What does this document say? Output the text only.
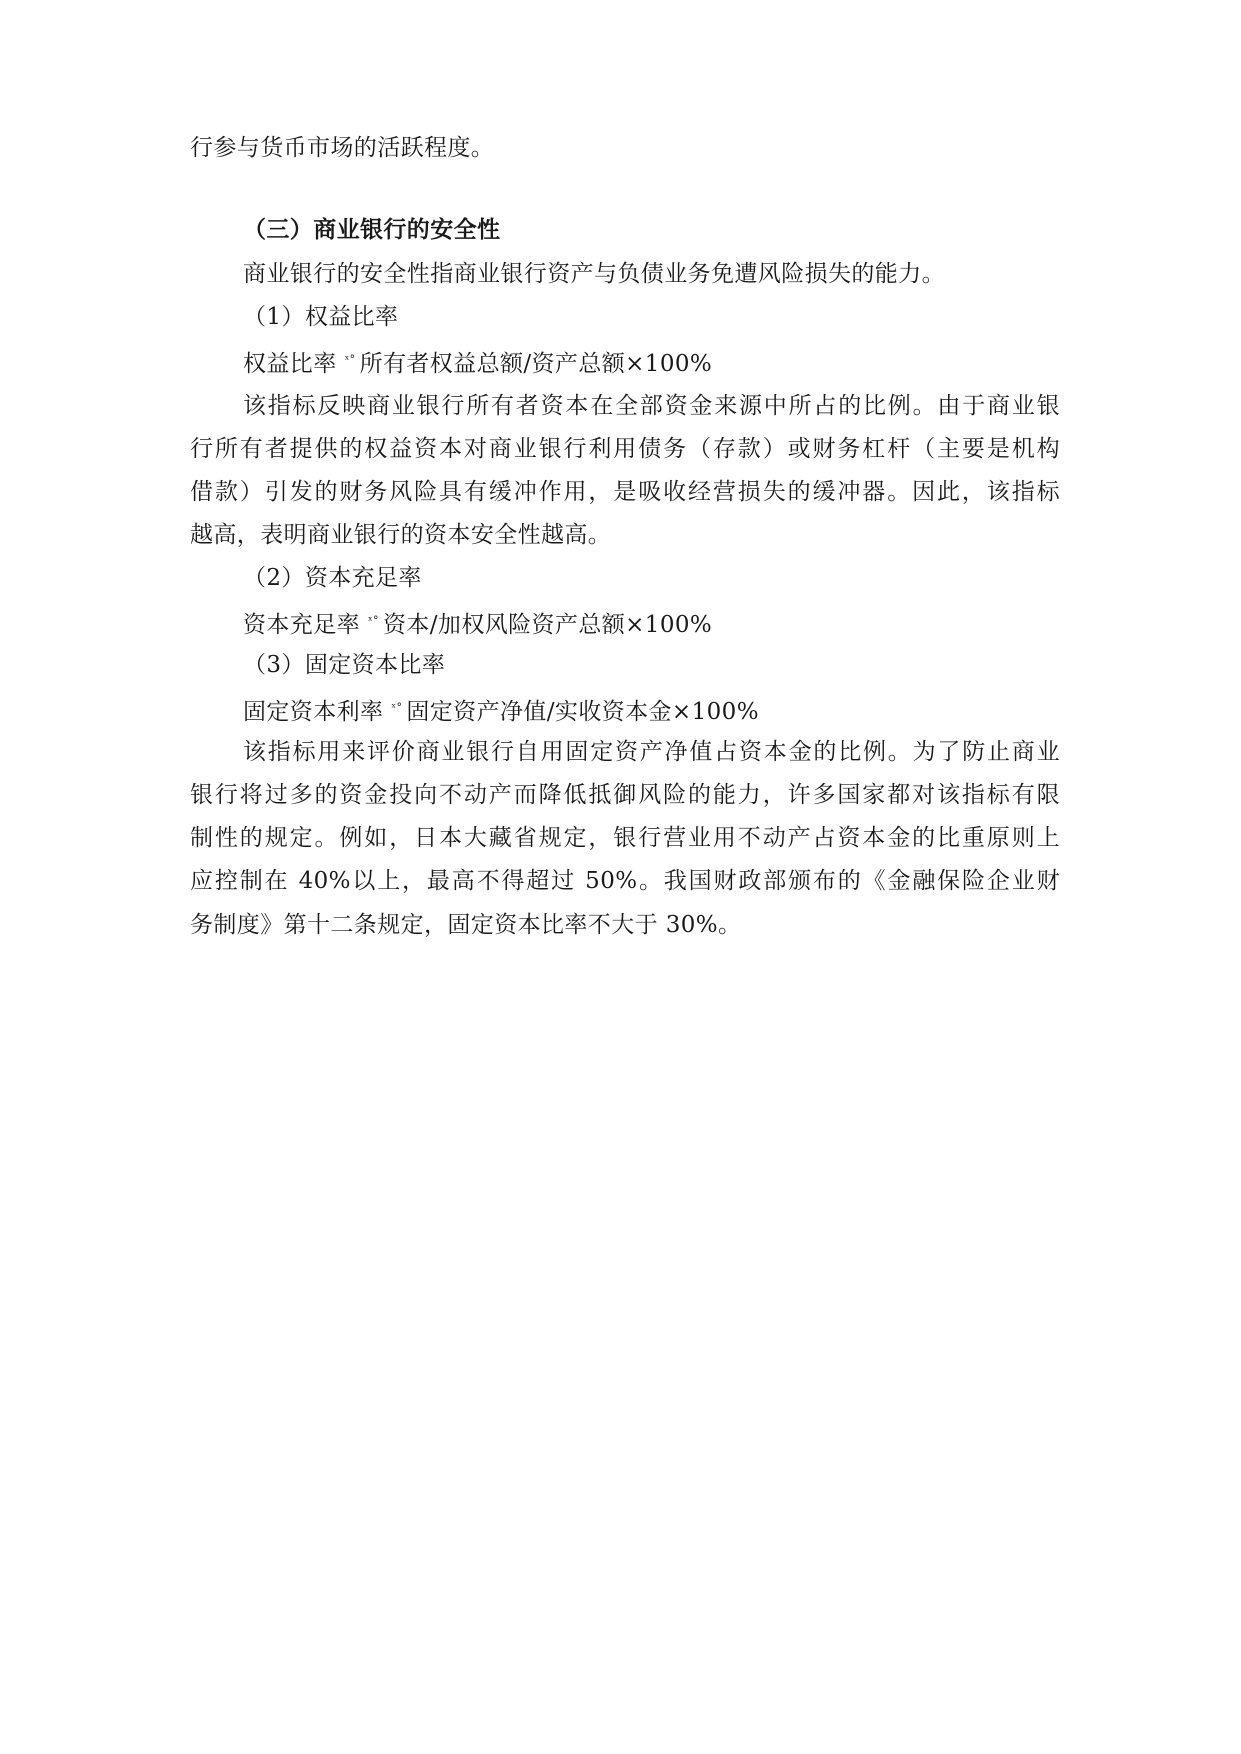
行参与货币市场的活跃程度。
（三）商业银行的安全性
商业银行的安全性指商业银行资产与负债业务免遭风险损失的能力。
（1）权益比率
权益比率 ˣ° 所有者权益总额/资产总额×100%
该指标反映商业银行所有者资本在全部资金来源中所占的比例。由于商业银
行所有者提供的权益资本对商业银行利用债务（存款）或财务杠杆（主要是机构
借款）引发的财务风险具有缓冲作用，是吸收经营损失的缓冲器。因此，该指标
越高，表明商业银行的资本安全性越高。
（2）资本充足率
资本充足率 ˣ° 资本/加权风险资产总额×100%
（3）固定资本比率
固定资本利率 ˣ° 固定资产净值/实收资本金×100%
该指标用来评价商业银行自用固定资产净值占资本金的比例。为了防止商业
银行将过多的资金投向不动产而降低抵御风险的能力，许多国家都对该指标有限
制性的规定。例如，日本大藏省规定，银行营业用不动产占资本金的比重原则上
应控制在 40%以上，最高不得超过 50%。我国财政部颁布的《金融保险企业财
务制度》第十二条规定，固定资本比率不大于 30%。
